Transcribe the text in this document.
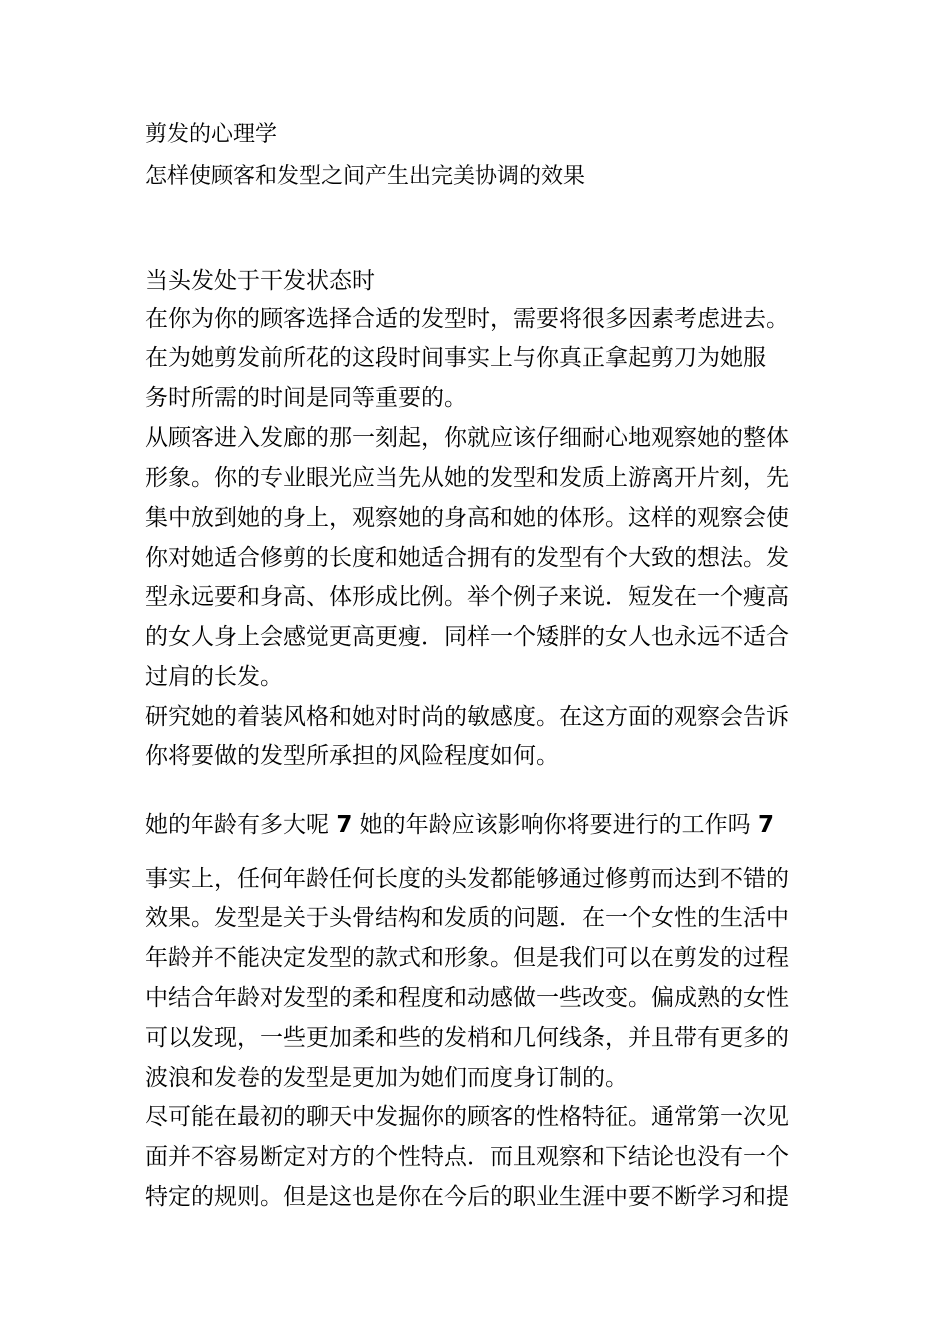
剪发的心理学
怎样使顾客和发型之间产生出完美协调的效果
当头发处于干发状态时
在你为你的顾客选择合适的发型时，需要将很多因素考虑进去。
在为她剪发前所花的这段时间事实上与你真正拿起剪刀为她服
务时所需的时间是同等重要的。
从顾客进入发廊的那一刻起，你就应该仔细耐心地观察她的整体
形象。你的专业眼光应当先从她的发型和发质上游离开片刻，先
集中放到她的身上，观察她的身高和她的体形。这样的观察会使
你对她适合修剪的长度和她适合拥有的发型有个大致的想法。发
型永远要和身高、体形成比例。举个例子来说．短发在一个瘦高
的女人身上会感觉更高更瘦．同样一个矮胖的女人也永远不适合
过肩的长发。
研究她的着装风格和她对时尚的敏感度。在这方面的观察会告诉
你将要做的发型所承担的风险程度如何。
她的年龄有多大呢 7 她的年龄应该影响你将要进行的工作吗 7
事实上，任何年龄任何长度的头发都能够通过修剪而达到不错的
效果。发型是关于头骨结构和发质的问题．在一个女性的生活中
年龄并不能决定发型的款式和形象。但是我们可以在剪发的过程
中结合年龄对发型的柔和程度和动感做一些改变。偏成熟的女性
可以发现，一些更加柔和些的发梢和几何线条，并且带有更多的
波浪和发卷的发型是更加为她们而度身订制的。
尽可能在最初的聊天中发掘你的顾客的性格特征。通常第一次见
面并不容易断定对方的个性特点．而且观察和下结论也没有一个
特定的规则。但是这也是你在今后的职业生涯中要不断学习和提
